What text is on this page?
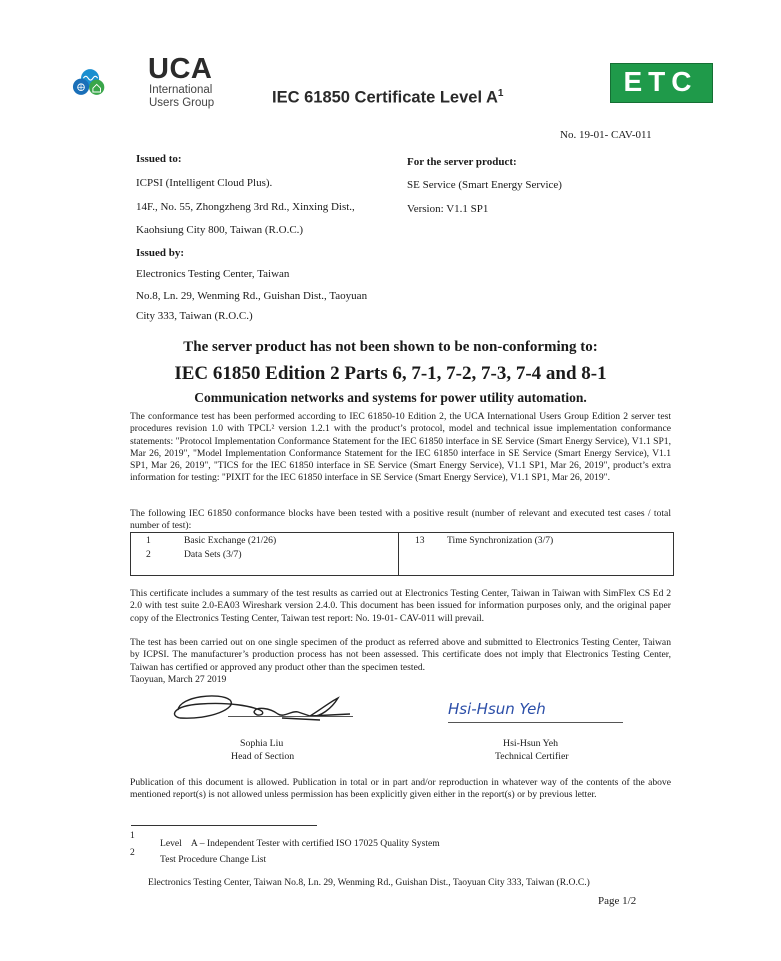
UCA
International
Users Group	IEC 61850 Certificate Level $A^1$	ETC
No. 19-01- CAV-011
Issued to:
ICPSI (Intelligent Cloud Plus).
14F., No. 55, Zhongzheng 3rd Rd., Xinxing Dist.,
Kaohsiung City 800, Taiwan (R.O.C.)
Issued by:
Electronics Testing Center, Taiwan
No.8, Ln. 29, Wenming Rd., Guishan Dist., Taoyuan
City 333, Taiwan (R.O.C.)
For the server product:
SE Service (Smart Energy Service)
Version: V1.1 SP1
The server product has not been shown to be non-conforming to:
IEC 61850 Edition 2 Parts 6, 7-1, 7-2, 7-3, 7-4 and 8-1
Communication networks and systems for power utility automation.
The conformance test has been performed according to IEC 61850-10 Edition 2, the UCA International Users Group Edition 2 server test procedures revision 1.0 with TPCL² version 1.2.1 with the product’s protocol, model and technical issue implementation conformance statements: "Protocol Implementation Conformance Statement for the IEC 61850 interface in SE Service (Smart Energy Service), V1.1 SP1, Mar 26, 2019", "Model Implementation Conformance Statement for the IEC 61850 interface in SE Service (Smart Energy Service), V1.1 SP1, Mar 26, 2019", "TICS for the IEC 61850 interface in SE Service (Smart Energy Service), V1.1 SP1, Mar 26, 2019", product’s extra information for testing: "PIXIT for the IEC 61850 interface in SE Service (Smart Energy Service), V1.1 SP1, Mar 26, 2019".
The following IEC 61850 conformance blocks have been tested with a positive result (number of relevant and executed test cases / total number of test):
1	Basic Exchange (21/26)
2	Data Sets (3/7)
13 Time Synchronization (3/7)
This certificate includes a summary of the test results as carried out at Electronics Testing Center, Taiwan in Taiwan with SimFlex CS Ed 2 2.0 with test suite 2.0-EA03 Wireshark version 2.4.0. This document has been issued for information purposes only, and the original paper copy of the Electronics Testing Center, Taiwan test report: No. 19-01- CAV-011 will prevail.
The test has been carried out on one single specimen of the product as referred above and submitted to Electronics Testing Center, Taiwan by ICPSI. The manufacturer’s production process has not been assessed. This certificate does not imply that Electronics Testing Center, Taiwan has certified or approved any product other than the specimen tested.
Taoyuan, March 27 2019
Hsi-Hsun Yeh
Sophia Liu
Head of Section
Hsi-Hsun Yeh
Technical Certifier
Publication of this document is allowed. Publication in total or in part and/or reproduction in whatever way of the contents of the above mentioned report(s) is not allowed unless permission has been explicitly given either in the report(s) or by previous letter.
1
Level    A – Independent Tester with certified ISO 17025 Quality System
2
Test Procedure Change List
Electronics Testing Center, Taiwan No.8, Ln. 29, Wenming Rd., Guishan Dist., Taoyuan City 333, Taiwan (R.O.C.)
Page 1/2
